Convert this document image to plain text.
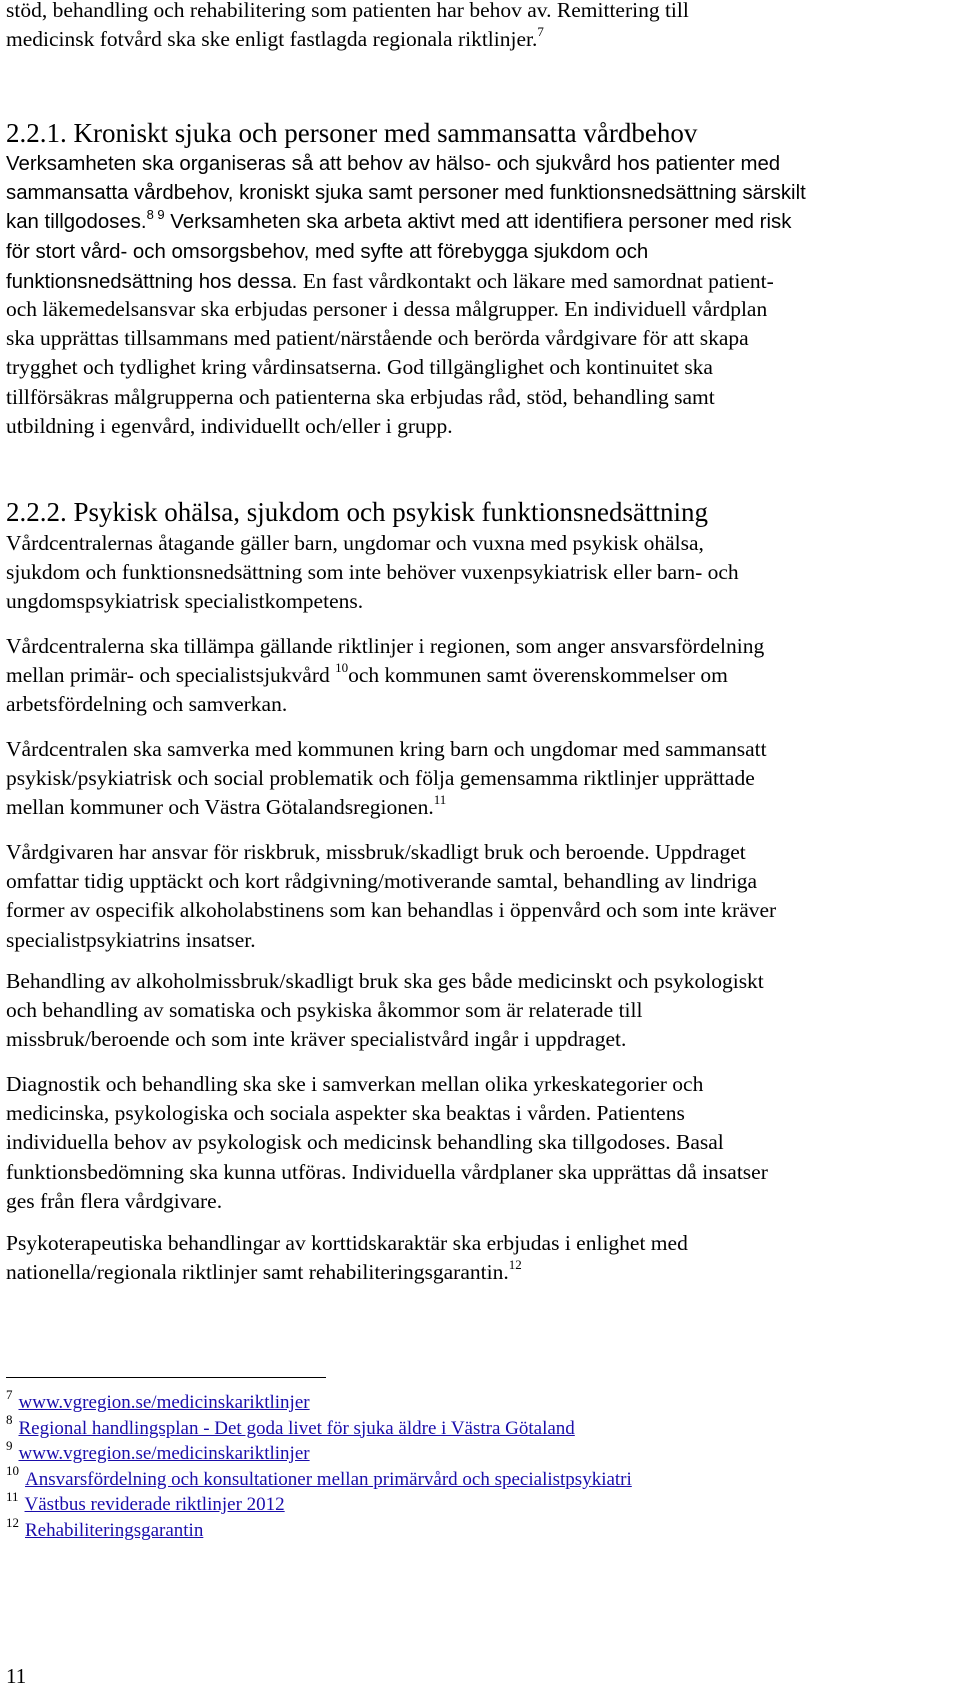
stöd, behandling och rehabilitering som patienten har behov av. Remittering till

medicinsk fotvård ska ske enligt fastlagda regionala riktlinjer.$^7$

2.2.1. Kroniskt sjuka och personer med sammansatta vårdbehov

Verksamheten ska organiseras så att behov av hälso- och sjukvård hos patienter med

sammansatta vårdbehov, kroniskt sjuka samt personer med funktionsnedsättning särskilt

kan tillgodoses.$^{8 9}$ Verksamheten ska arbeta aktivt med att identifiera personer med risk

för stort vård- och omsorgsbehov, med syfte att förebygga sjukdom och

funktionsnedsättning hos dessa. En fast vårdkontakt och läkare med samordnat patient-

och läkemedelsansvar ska erbjudas personer i dessa målgrupper. En individuell vårdplan

ska upprättas tillsammans med patient/närstående och berörda vårdgivare för att skapa

trygghet och tydlighet kring vårdinsatserna. God tillgänglighet och kontinuitet ska

tillförsäkras målgrupperna och patienterna ska erbjudas råd, stöd, behandling samt

utbildning i egenvård, individuellt och/eller i grupp.

2.2.2. Psykisk ohälsa, sjukdom och psykisk funktionsnedsättning

Vårdcentralernas åtagande gäller barn, ungdomar och vuxna med psykisk ohälsa,

sjukdom och funktionsnedsättning som inte behöver vuxenpsykiatrisk eller barn- och

ungdomspsykiatrisk specialistkompetens.

Vårdcentralerna ska tillämpa gällande riktlinjer i regionen, som anger ansvarsfördelning

mellan primär- och specialistsjukvård $^{10}$och kommunen samt överenskommelser om

arbetsfördelning och samverkan.

Vårdcentralen ska samverka med kommunen kring barn och ungdomar med sammansatt

psykisk/psykiatrisk och social problematik och följa gemensamma riktlinjer upprättade

mellan kommuner och Västra Götalandsregionen.$^{11}$

Vårdgivaren har ansvar för riskbruk, missbruk/skadligt bruk och beroende. Uppdraget

omfattar tidig upptäckt och kort rådgivning/motiverande samtal, behandling av lindriga

former av ospecifik alkoholabstinens som kan behandlas i öppenvård och som inte kräver

specialistpsykiatrins insatser.

Behandling av alkoholmissbruk/skadligt bruk ska ges både medicinskt och psykologiskt

och behandling av somatiska och psykiska åkommor som är relaterade till

missbruk/beroende och som inte kräver specialistvård ingår i uppdraget.

Diagnostik och behandling ska ske i samverkan mellan olika yrkeskategorier och

medicinska, psykologiska och sociala aspekter ska beaktas i vården. Patientens

individuella behov av psykologisk och medicinsk behandling ska tillgodoses. Basal

funktionsbedömning ska kunna utföras. Individuella vårdplaner ska upprättas då insatser

ges från flera vårdgivare.

Psykoterapeutiska behandlingar av korttidskaraktär ska erbjudas i enlighet med

nationella/regionala riktlinjer samt rehabiliteringsgarantin.$^{12}$

$^7$ www.vgregion.se/medicinskariktlinjer

$^8$ Regional handlingsplan - Det goda livet för sjuka äldre i Västra Götaland

$^9$ www.vgregion.se/medicinskariktlinjer

$^{10}$ Ansvarsfördelning och konsultationer mellan primärvård och specialistpsykiatri

$^{11}$ Västbus reviderade riktlinjer 2012

$^{12}$ Rehabiliteringsgarantin

11
